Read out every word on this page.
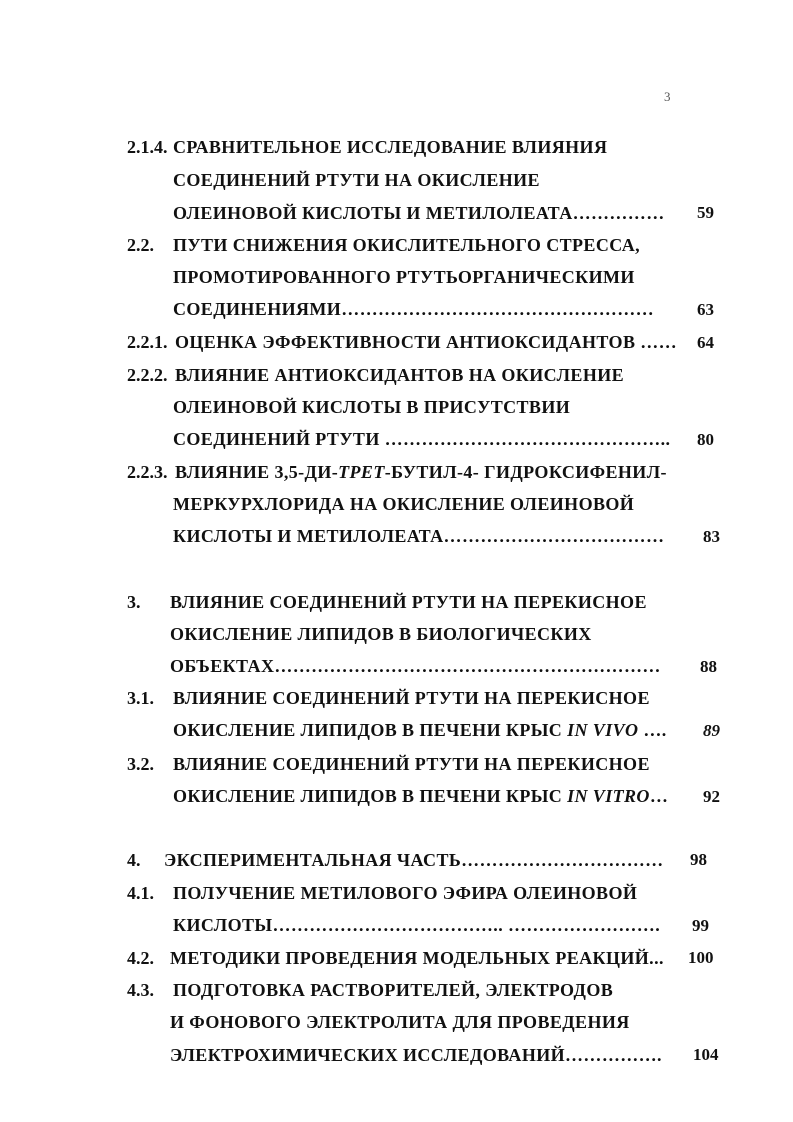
3
2.1.4. СРАВНИТЕЛЬНОЕ ИССЛЕДОВАНИЕ ВЛИЯНИЯ
СОЕДИНЕНИЙ РТУТИ НА ОКИСЛЕНИЕ
ОЛЕИНОВОЙ КИСЛОТЫ И МЕТИЛОЛЕАТА…………… 59
2.2. ПУТИ СНИЖЕНИЯ ОКИСЛИТЕЛЬНОГО СТРЕССА,
ПРОМОТИРОВАННОГО РТУТЬОРГАНИЧЕСКИМИ
СОЕДИНЕНИЯМИ……………………………………………	63
2.2.1. ОЦЕНКА ЭФФЕКТИВНОСТИ АНТИОКСИДАНТОВ …… 64
2.2.2. ВЛИЯНИЕ АНТИОКСИДАНТОВ НА ОКИСЛЕНИЕ
ОЛЕИНОВОЙ КИСЛОТЫ В ПРИСУТСТВИИ
СОЕДИНЕНИЙ РТУТИ ……………………………………….. 80
2.2.3. ВЛИЯНИЕ 3,5-ДИ-ТРЕТ-БУТИЛ-4- ГИДРОКСИФЕНИЛ-
МЕРКУРХЛОРИДА НА ОКИСЛЕНИЕ ОЛЕИНОВОЙ
КИСЛОТЫ И МЕТИЛОЛЕАТА……………………………… 83
3. ВЛИЯНИЕ СОЕДИНЕНИЙ РТУТИ НА ПЕРЕКИСНОЕ
ОКИСЛЕНИЕ ЛИПИДОВ В БИОЛОГИЧЕСКИХ
ОБЪЕКТАХ……………………………………………………… 88
3.1. ВЛИЯНИЕ СОЕДИНЕНИЙ РТУТИ НА ПЕРЕКИСНОЕ
ОКИСЛЕНИЕ ЛИПИДОВ В ПЕЧЕНИ КРЫС IN VIVO …. 89
3.2. ВЛИЯНИЕ СОЕДИНЕНИЙ РТУТИ НА ПЕРЕКИСНОЕ
ОКИСЛЕНИЕ ЛИПИДОВ В ПЕЧЕНИ КРЫС IN VITRO… 92
4. ЭКСПЕРИМЕНТАЛЬНАЯ ЧАСТЬ…………………………… 98
4.1. ПОЛУЧЕНИЕ МЕТИЛОВОГО ЭФИРА ОЛЕИНОВОЙ
КИСЛОТЫ……………………………….. ……………………. 99
4.2. МЕТОДИКИ ПРОВЕДЕНИЯ МОДЕЛЬНЫХ РЕАКЦИЙ... 100
4.3. ПОДГОТОВКА РАСТВОРИТЕЛЕЙ, ЭЛЕКТРОДОВ
И ФОНОВОГО ЭЛЕКТРОЛИТА ДЛЯ ПРОВЕДЕНИЯ
ЭЛЕКТРОХИМИЧЕСКИХ ИССЛЕДОВАНИЙ……………. 104
